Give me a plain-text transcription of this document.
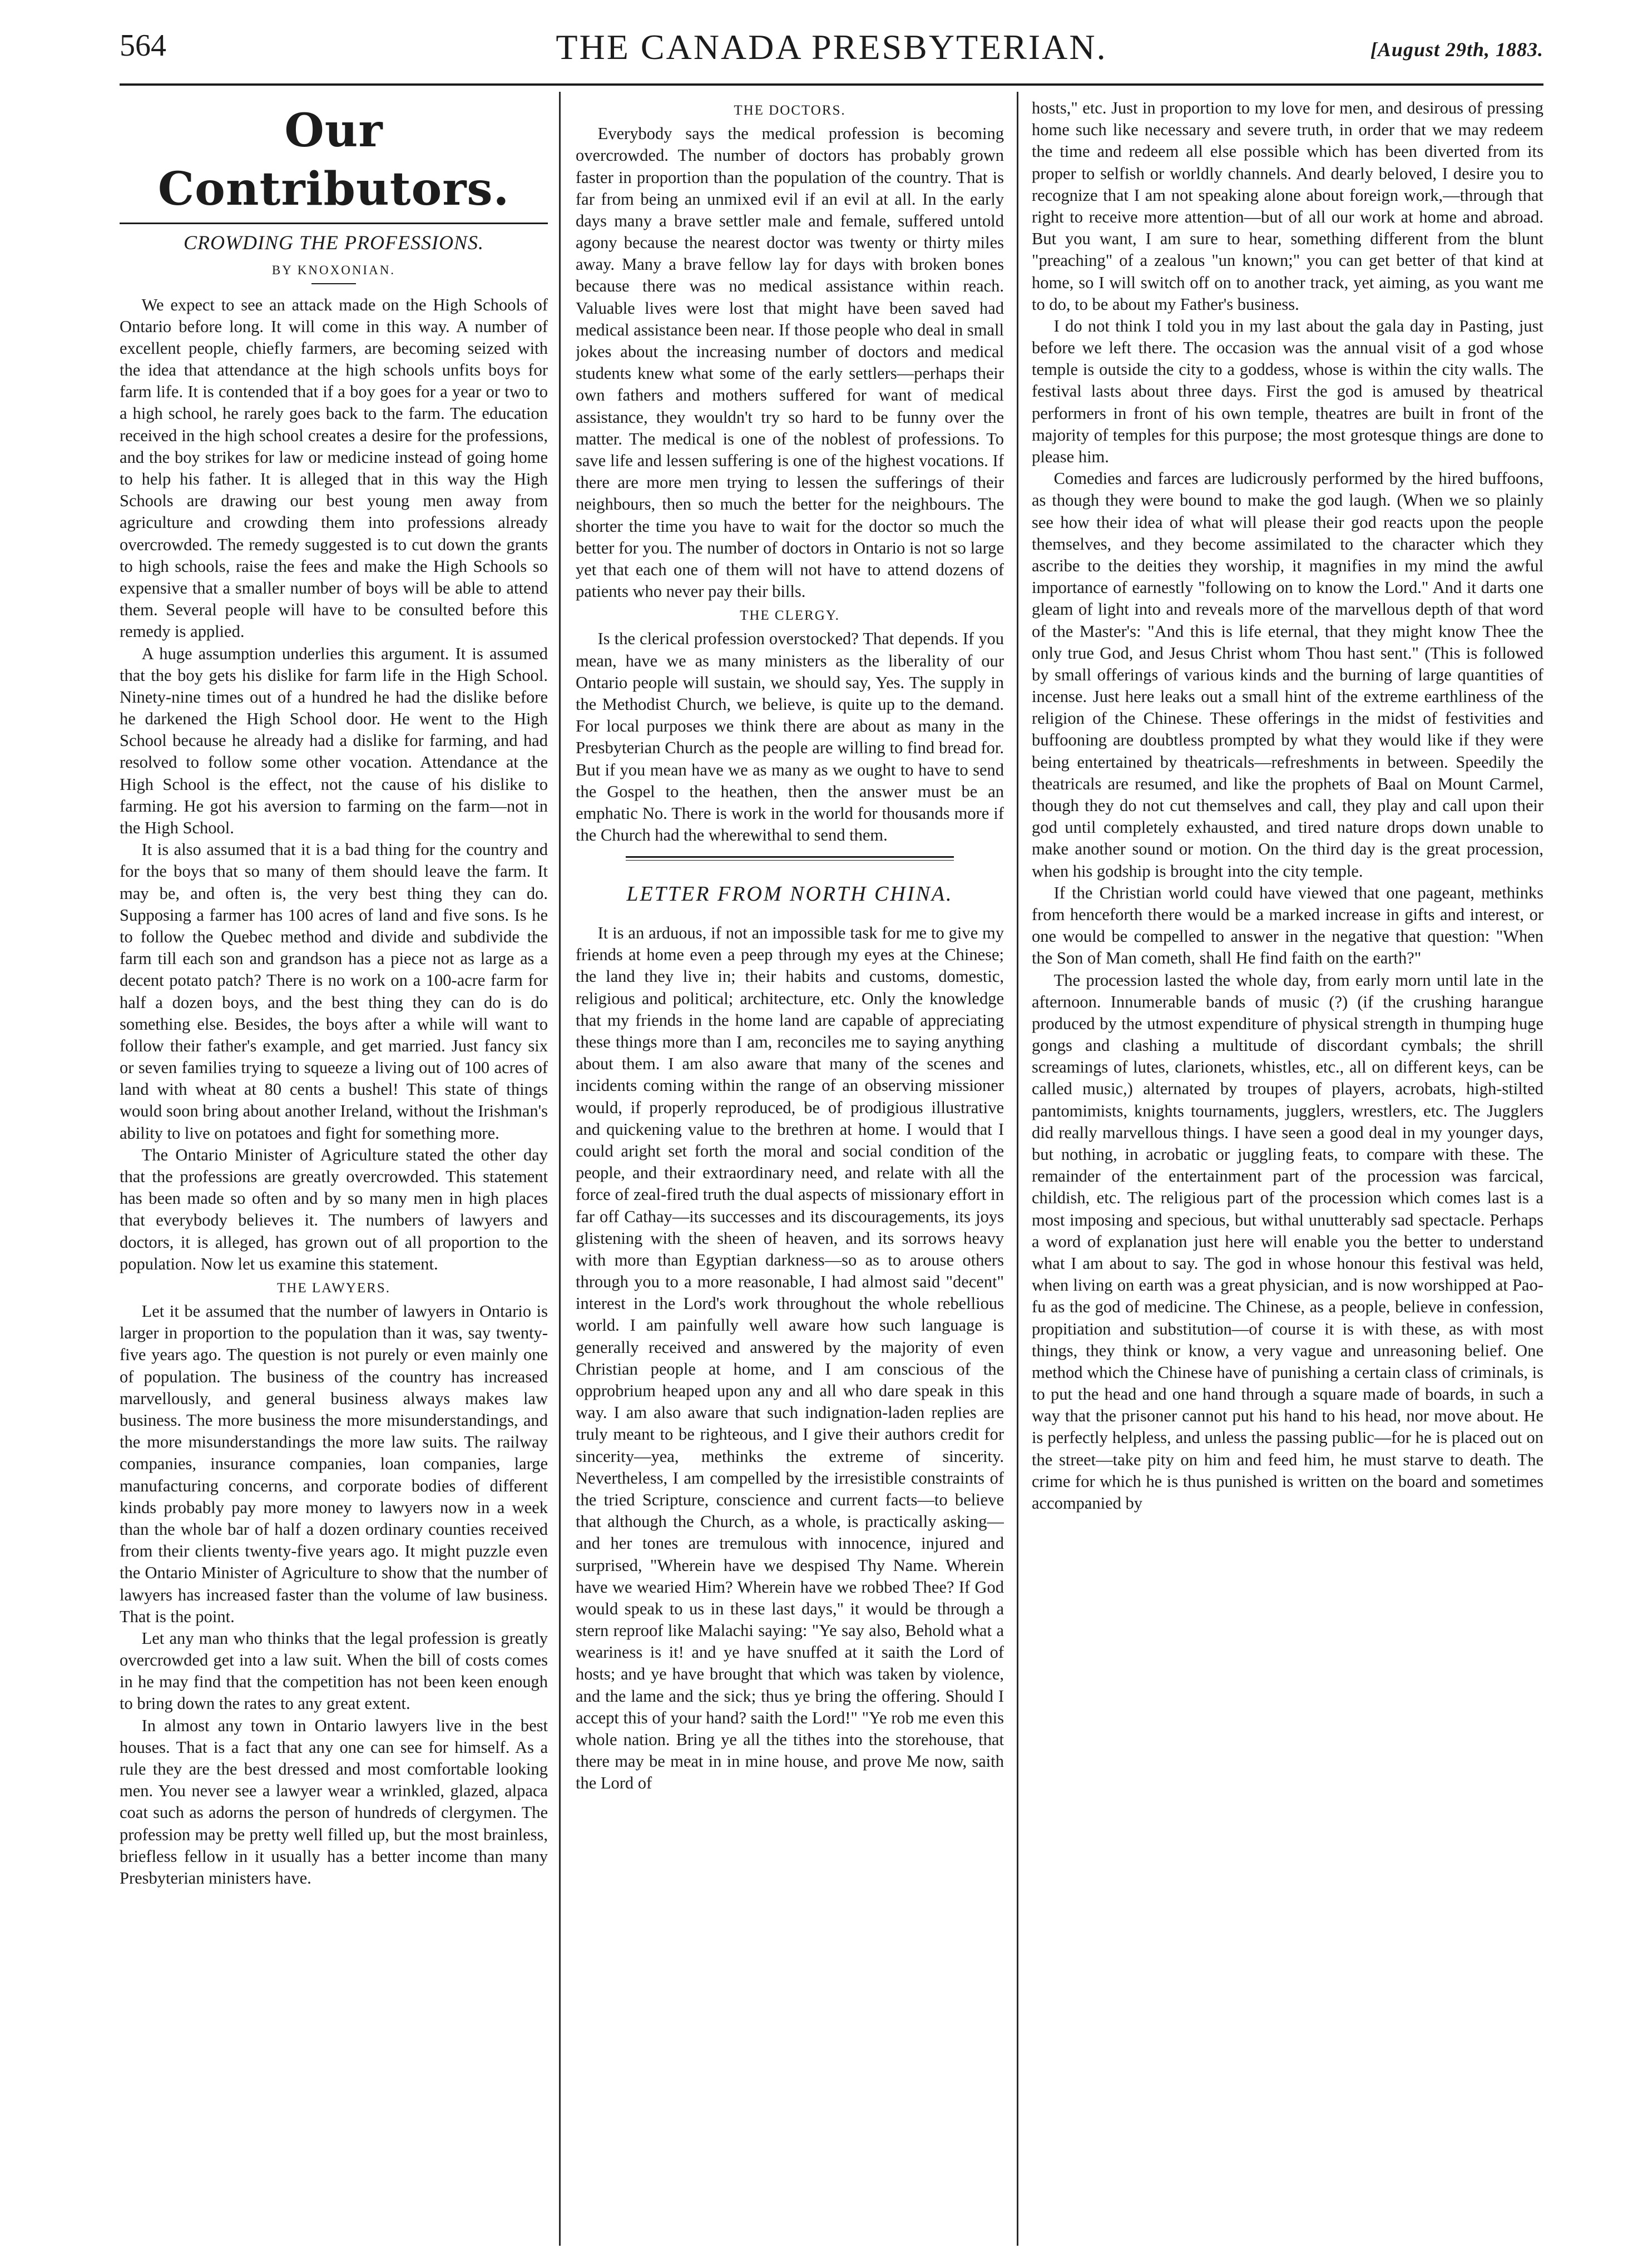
564	THE CANADA PRESBYTERIAN.	[August 29th, 1883.
Our Contributors.
CROWDING THE PROFESSIONS.
BY KNOXONIAN.

We expect to see an attack made on the High Schools of Ontario before long. It will come in this way. A number of excellent people, chiefly farmers, are becoming seized with the idea that attendance at the high schools unfits boys for farm life. It is contended that if a boy goes for a year or two to a high school, he rarely goes back to the farm. The education received in the high school creates a desire for the professions, and the boy strikes for law or medicine instead of going home to help his father. It is alleged that in this way the High Schools are drawing our best young men away from agriculture and crowding them into professions already overcrowded. The remedy suggested is to cut down the grants to high schools, raise the fees and make the High Schools so expensive that a smaller number of boys will be able to attend them. Several people will have to be consulted before this remedy is applied.

A huge assumption underlies this argument. It is assumed that the boy gets his dislike for farm life in the High School. Ninety-nine times out of a hundred he had the dislike before he darkened the High School door. He went to the High School because he already had a dislike for farming, and had resolved to follow some other vocation. Attendance at the High School is the effect, not the cause of his dislike to farming. He got his aversion to farming on the farm—not in the High School.

It is also assumed that it is a bad thing for the country and for the boys that so many of them should leave the farm. It may be, and often is, the very best thing they can do. Supposing a farmer has 100 acres of land and five sons. Is he to follow the Quebec method and divide and subdivide the farm till each son and grandson has a piece not as large as a decent potato patch? There is no work on a 100-acre farm for half a dozen boys, and the best thing they can do is do something else. Besides, the boys after a while will want to follow their father's example, and get married. Just fancy six or seven families trying to squeeze a living out of 100 acres of land with wheat at 80 cents a bushel! This state of things would soon bring about another Ireland, without the Irishman's ability to live on potatoes and fight for something more.

The Ontario Minister of Agriculture stated the other day that the professions are greatly overcrowded. This statement has been made so often and by so many men in high places that everybody believes it. The numbers of lawyers and doctors, it is alleged, has grown out of all proportion to the population. Now let us examine this statement.

THE LAWYERS.

Let it be assumed that the number of lawyers in Ontario is larger in proportion to the population than it was, say twenty-five years ago. The question is not purely or even mainly one of population. The business of the country has increased marvellously, and general business always makes law business. The more business the more misunderstandings, and the more misunderstandings the more law suits. The railway companies, insurance companies, loan companies, large manufacturing concerns, and corporate bodies of different kinds probably pay more money to lawyers now in a week than the whole bar of half a dozen ordinary counties received from their clients twenty-five years ago. It might puzzle even the Ontario Minister of Agriculture to show that the number of lawyers has increased faster than the volume of law business. That is the point.

Let any man who thinks that the legal profession is greatly overcrowded get into a law suit. When the bill of costs comes in he may find that the competition has not been keen enough to bring down the rates to any great extent.

In almost any town in Ontario lawyers live in the best houses. That is a fact that any one can see for himself. As a rule they are the best dressed and most comfortable looking men. You never see a lawyer wear a wrinkled, glazed, alpaca coat such as adorns the person of hundreds of clergymen. The profession may be pretty well filled up, but the most brainless, briefless fellow in it usually has a better income than many Presbyterian ministers have.

THE DOCTORS.

Everybody says the medical profession is becoming overcrowded. The number of doctors has probably grown faster in proportion than the population of the country. That is far from being an unmixed evil if an evil at all. In the early days many a brave settler male and female, suffered untold agony because the nearest doctor was twenty or thirty miles away. Many a brave fellow lay for days with broken bones because there was no medical assistance within reach. Valuable lives were lost that might have been saved had medical assistance been near. If those people who deal in small jokes about the increasing number of doctors and medical students knew what some of the early settlers—perhaps their own fathers and mothers suffered for want of medical assistance, they wouldn't try so hard to be funny over the matter. The medical is one of the noblest of professions. To save life and lessen suffering is one of the highest vocations. If there are more men trying to lessen the sufferings of their neighbours, then so much the better for the neighbours. The shorter the time you have to wait for the doctor so much the better for you. The number of doctors in Ontario is not so large yet that each one of them will not have to attend dozens of patients who never pay their bills.

THE CLERGY.

Is the clerical profession overstocked? That depends. If you mean, have we as many ministers as the liberality of our Ontario people will sustain, we should say, Yes. The supply in the Methodist Church, we believe, is quite up to the demand. For local purposes we think there are about as many in the Presbyterian Church as the people are willing to find bread for. But if you mean have we as many as we ought to have to send the Gospel to the heathen, then the answer must be an emphatic No. There is work in the world for thousands more if the Church had the wherewithal to send them.

LETTER FROM NORTH CHINA.

It is an arduous, if not an impossible task for me to give my friends at home even a peep through my eyes at the Chinese; the land they live in; their habits and customs, domestic, religious and political; architecture, etc. Only the knowledge that my friends in the home land are capable of appreciating these things more than I am, reconciles me to saying anything about them. I am also aware that many of the scenes and incidents coming within the range of an observing missioner would, if properly reproduced, be of prodigious illustrative and quickening value to the brethren at home. I would that I could aright set forth the moral and social condition of the people, and their extraordinary need, and relate with all the force of zeal-fired truth the dual aspects of missionary effort in far off Cathay—its successes and its discouragements, its joys glistening with the sheen of heaven, and its sorrows heavy with more than Egyptian darkness—so as to arouse others through you to a more reasonable, I had almost said "decent" interest in the Lord's work throughout the whole rebellious world. I am painfully well aware how such language is generally received and answered by the majority of even Christian people at home, and I am conscious of the opprobrium heaped upon any and all who dare speak in this way. I am also aware that such indignation-laden replies are truly meant to be righteous, and I give their authors credit for sincerity—yea, methinks the extreme of sincerity. Nevertheless, I am compelled by the irresistible constraints of the tried Scripture, conscience and current facts—to believe that although the Church, as a whole, is practically asking—and her tones are tremulous with innocence, injured and surprised, "Wherein have we despised Thy Name. Wherein have we wearied Him? Wherein have we robbed Thee? If God would speak to us in these last days," it would be through a stern reproof like Malachi saying: "Ye say also, Behold what a weariness is it! and ye have snuffed at it saith the Lord of hosts; and ye have brought that which was taken by violence, and the lame and the sick; thus ye bring the offering. Should I accept this of your hand? saith the Lord!" "Ye rob me even this whole nation. Bring ye all the tithes into the storehouse, that there may be meat in in mine house, and prove Me now, saith the Lord of

hosts," etc. Just in proportion to my love for men, and desirous of pressing home such like necessary and severe truth, in order that we may redeem the time and redeem all else possible which has been diverted from its proper to selfish or worldly channels. And dearly beloved, I desire you to recognize that I am not speaking alone about foreign work,—through that right to receive more attention—but of all our work at home and abroad. But you want, I am sure to hear, something different from the blunt "preaching" of a zealous "un known;" you can get better of that kind at home, so I will switch off on to another track, yet aiming, as you want me to do, to be about my Father's business.

I do not think I told you in my last about the gala day in Pasting, just before we left there. The occasion was the annual visit of a god whose temple is outside the city to a goddess, whose is within the city walls. The festival lasts about three days. First the god is amused by theatrical performers in front of his own temple, theatres are built in front of the majority of temples for this purpose; the most grotesque things are done to please him.

Comedies and farces are ludicrously performed by the hired buffoons, as though they were bound to make the god laugh. (When we so plainly see how their idea of what will please their god reacts upon the people themselves, and they become assimilated to the character which they ascribe to the deities they worship, it magnifies in my mind the awful importance of earnestly "following on to know the Lord." And it darts one gleam of light into and reveals more of the marvellous depth of that word of the Master's: "And this is life eternal, that they might know Thee the only true God, and Jesus Christ whom Thou hast sent." (This is followed by small offerings of various kinds and the burning of large quantities of incense. Just here leaks out a small hint of the extreme earthliness of the religion of the Chinese. These offerings in the midst of festivities and buffooning are doubtless prompted by what they would like if they were being entertained by theatricals—refreshments in between. Speedily the theatricals are resumed, and like the prophets of Baal on Mount Carmel, though they do not cut themselves and call, they play and call upon their god until completely exhausted, and tired nature drops down unable to make another sound or motion. On the third day is the great procession, when his godship is brought into the city temple.

If the Christian world could have viewed that one pageant, methinks from henceforth there would be a marked increase in gifts and interest, or one would be compelled to answer in the negative that question: "When the Son of Man cometh, shall He find faith on the earth?"

The procession lasted the whole day, from early morn until late in the afternoon. Innumerable bands of music (?) (if the crushing harangue produced by the utmost expenditure of physical strength in thumping huge gongs and clashing a multitude of discordant cymbals; the shrill screamings of lutes, clarionets, whistles, etc., all on different keys, can be called music,) alternated by troupes of players, acrobats, high-stilted pantomimists, knights tournaments, jugglers, wrestlers, etc. The Jugglers did really marvellous things. I have seen a good deal in my younger days, but nothing, in acrobatic or juggling feats, to compare with these. The remainder of the entertainment part of the procession was farcical, childish, etc. The religious part of the procession which comes last is a most imposing and specious, but withal unutterably sad spectacle. Perhaps a word of explanation just here will enable you the better to understand what I am about to say. The god in whose honour this festival was held, when living on earth was a great physician, and is now worshipped at Pao-fu as the god of medicine. The Chinese, as a people, believe in confession, propitiation and substitution—of course it is with these, as with most things, they think or know, a very vague and unreasoning belief. One method which the Chinese have of punishing a certain class of criminals, is to put the head and one hand through a square made of boards, in such a way that the prisoner cannot put his hand to his head, nor move about. He is perfectly helpless, and unless the passing public—for he is placed out on the street—take pity on him and feed him, he must starve to death. The crime for which he is thus punished is written on the board and sometimes accompanied by
